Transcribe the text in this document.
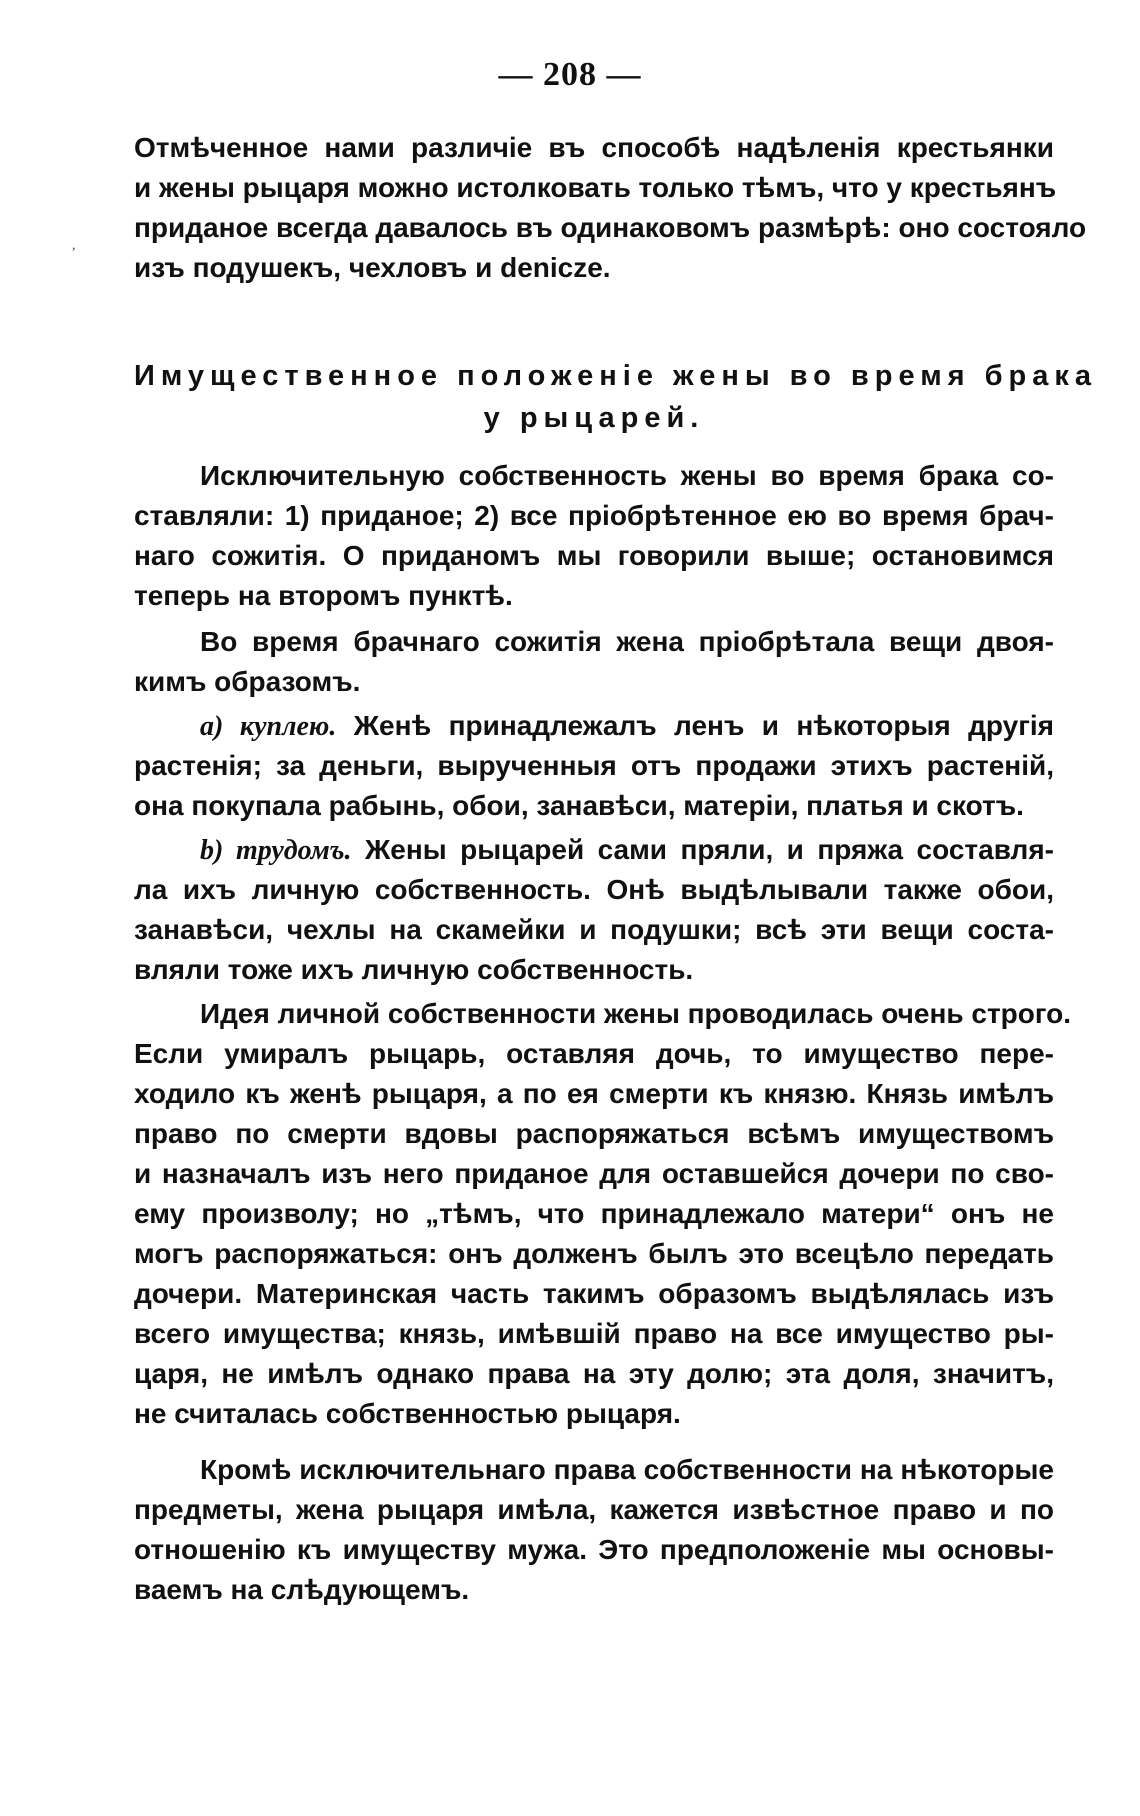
— 208 —
,
Отмѣченное нами различіе въ способѣ надѣленія крестьянки
и жены рыцаря можно истолковать только тѣмъ, что у крестьянъ
приданое всегда давалось въ одинаковомъ размѣрѣ: оно состояло
изъ подушекъ, чехловъ и deniсze.
Имущественное положеніе жены во время брака
у рыцарей.
Исключительную собственность жены во время брака со-
ставляли: 1) приданое; 2) все пріобрѣтенное ею во время брач-
наго сожитія. О приданомъ мы говорили выше; остановимся
теперь на второмъ пунктѣ.
Во время брачнаго сожитія жена пріобрѣтала вещи двоя-
кимъ образомъ.
a) куплею. Женѣ принадлежалъ ленъ и нѣкоторыя другія
растенія; за деньги, вырученныя отъ продажи этихъ растеній,
она покупала рабынь, обои, занавѣси, матеріи, платья и скотъ.
b) трудомъ. Жены рыцарей сами пряли, и пряжа составля-
ла ихъ личную собственность. Онѣ выдѣлывали также обои,
занавѣси, чехлы на скамейки и подушки; всѣ эти вещи соста-
вляли тоже ихъ личную собственность.
Идея личной собственности жены проводилась очень строго.
Если умиралъ рыцарь, оставляя дочь, то имущество пере-
ходило къ женѣ рыцаря, а по ея смерти къ князю. Князь имѣлъ
право по смерти вдовы распоряжаться всѣмъ имуществомъ
и назначалъ изъ него приданое для оставшейся дочери по сво-
ему произволу; но „тѣмъ, что принадлежало матери“ онъ не
могъ распоряжаться: онъ долженъ былъ это всецѣло передать
дочери. Материнская часть такимъ образомъ выдѣлялась изъ
всего имущества; князь, имѣвшій право на все имущество ры-
царя, не имѣлъ однако права на эту долю; эта доля, значитъ,
не считалась собственностью рыцаря.
Кромѣ исключительнаго права собственности на нѣкоторые
предметы, жена рыцаря имѣла, кажется извѣстное право и по
отношенію къ имуществу мужа. Это предположеніе мы основы-
ваемъ на слѣдующемъ.
